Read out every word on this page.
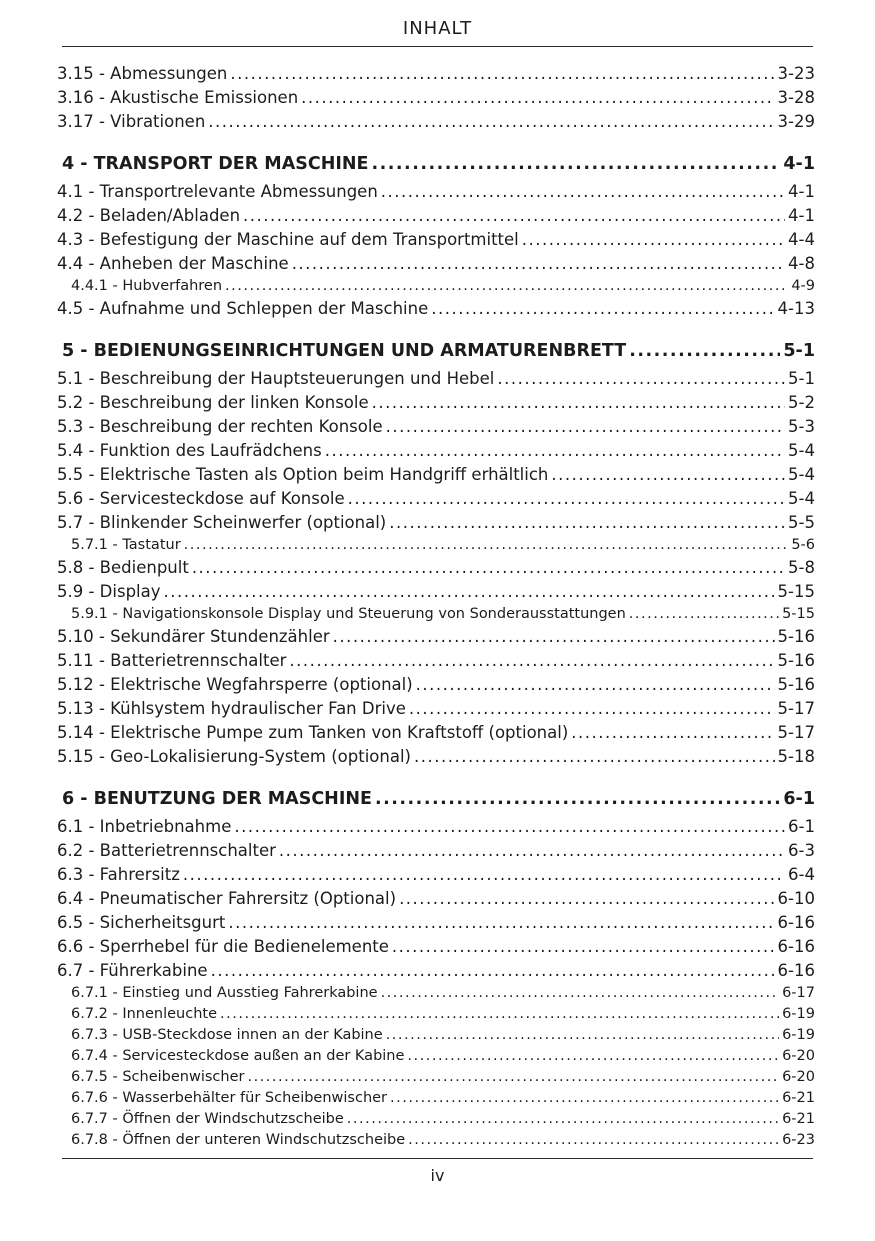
INHALT
3.15 - Abmessungen .....	3-23
3.16 - Akustische Emissionen .....	3-28
3.17 - Vibrationen .....	3-29
4 - TRANSPORT DER MASCHINE .....	4-1
4.1 - Transportrelevante Abmessungen .....	4-1
4.2 - Beladen/Abladen .....	4-1
4.3 - Befestigung der Maschine auf dem Transportmittel .....	4-4
4.4 - Anheben der Maschine .....	4-8
4.4.1 - Hubverfahren .....	4-9
4.5 - Aufnahme und Schleppen der Maschine .....	4-13
5 - BEDIENUNGSEINRICHTUNGEN UND ARMATURENBRETT .....	5-1
5.1 - Beschreibung der Hauptsteuerungen und Hebel .....	5-1
5.2 - Beschreibung der linken Konsole .....	5-2
5.3 - Beschreibung der rechten Konsole .....	5-3
5.4 - Funktion des Laufrädchens .....	5-4
5.5 - Elektrische Tasten als Option beim Handgriff erhältlich .....	5-4
5.6 - Servicesteckdose auf Konsole .....	5-4
5.7 - Blinkender Scheinwerfer (optional) .....	5-5
5.7.1 - Tastatur .....	5-6
5.8 - Bedienpult .....	5-8
5.9 - Display .....	5-15
5.9.1 - Navigationskonsole Display und Steuerung von Sonderausstattungen .....	5-15
5.10 - Sekundärer Stundenzähler .....	5-16
5.11 - Batterietrennschalter .....	5-16
5.12 - Elektrische Wegfahrsperre (optional) .....	5-16
5.13 - Kühlsystem hydraulischer Fan Drive .....	5-17
5.14 - Elektrische Pumpe zum Tanken von Kraftstoff (optional) .....	5-17
5.15 - Geo-Lokalisierung-System (optional) .....	5-18
6 - BENUTZUNG DER MASCHINE .....	6-1
6.1 - Inbetriebnahme .....	6-1
6.2 - Batterietrennschalter .....	6-3
6.3 - Fahrersitz .....	6-4
6.4 - Pneumatischer Fahrersitz (Optional) .....	6-10
6.5 - Sicherheitsgurt .....	6-16
6.6 - Sperrhebel für die Bedienelemente .....	6-16
6.7 - Führerkabine .....	6-16
6.7.1 - Einstieg und Ausstieg Fahrerkabine .....	6-17
6.7.2 - Innenleuchte .....	6-19
6.7.3 - USB-Steckdose innen an der Kabine .....	6-19
6.7.4 - Servicesteckdose außen an der Kabine .....	6-20
6.7.5 - Scheibenwischer .....	6-20
6.7.6 - Wasserbehälter für Scheibenwischer .....	6-21
6.7.7 - Öffnen der Windschutzscheibe .....	6-21
6.7.8 - Öffnen der unteren Windschutzscheibe .....	6-23
iv
